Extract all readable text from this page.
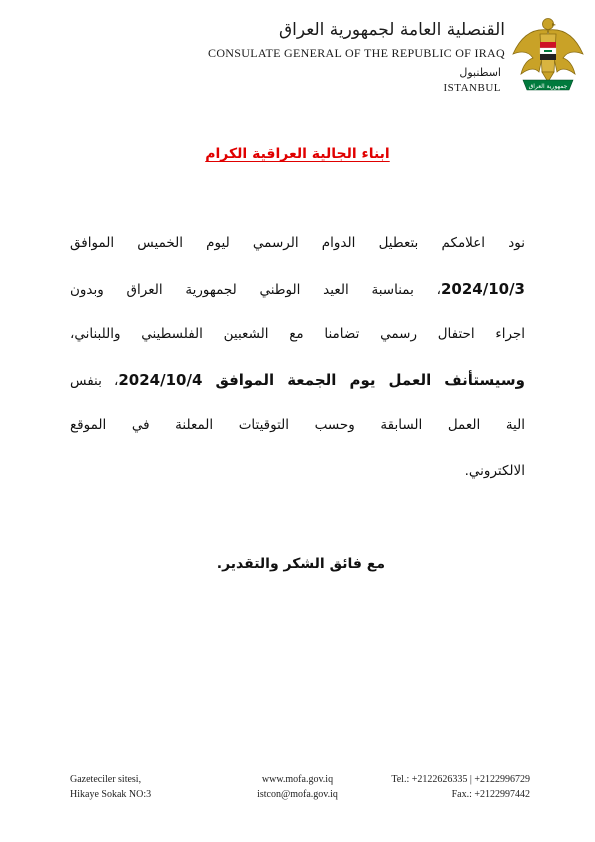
القنصلية العامة لجمهورية العراق
CONSULATE GENERAL OF THE REPUBLIC OF IRAQ
اسطنبول
ISTANBUL	جمهورية العراق
ابناء الجالية العراقية الكرام
نود اعلامكم بتعطيل الدوام الرسمي ليوم الخميس الموافق
2024/10/3، بمناسبة العيد الوطني لجمهورية العراق وبدون
اجراء احتفال رسمي تضامنا مع الشعبين الفلسطيني واللبناني،
وسيستأنف العمل يوم الجمعة الموافق 2024/10/4، بنفس
الية العمل السابقة وحسب التوقيتات المعلنة في الموقع
الالكتروني.
مع فائق الشكر والتقدير.
Gazeteciler sitesi,
Hikaye Sokak NO:3
www.mofa.gov.iq
istcon@mofa.gov.iq
Tel.: +2122626335 | +2122996729
Fax.: +2122997442
